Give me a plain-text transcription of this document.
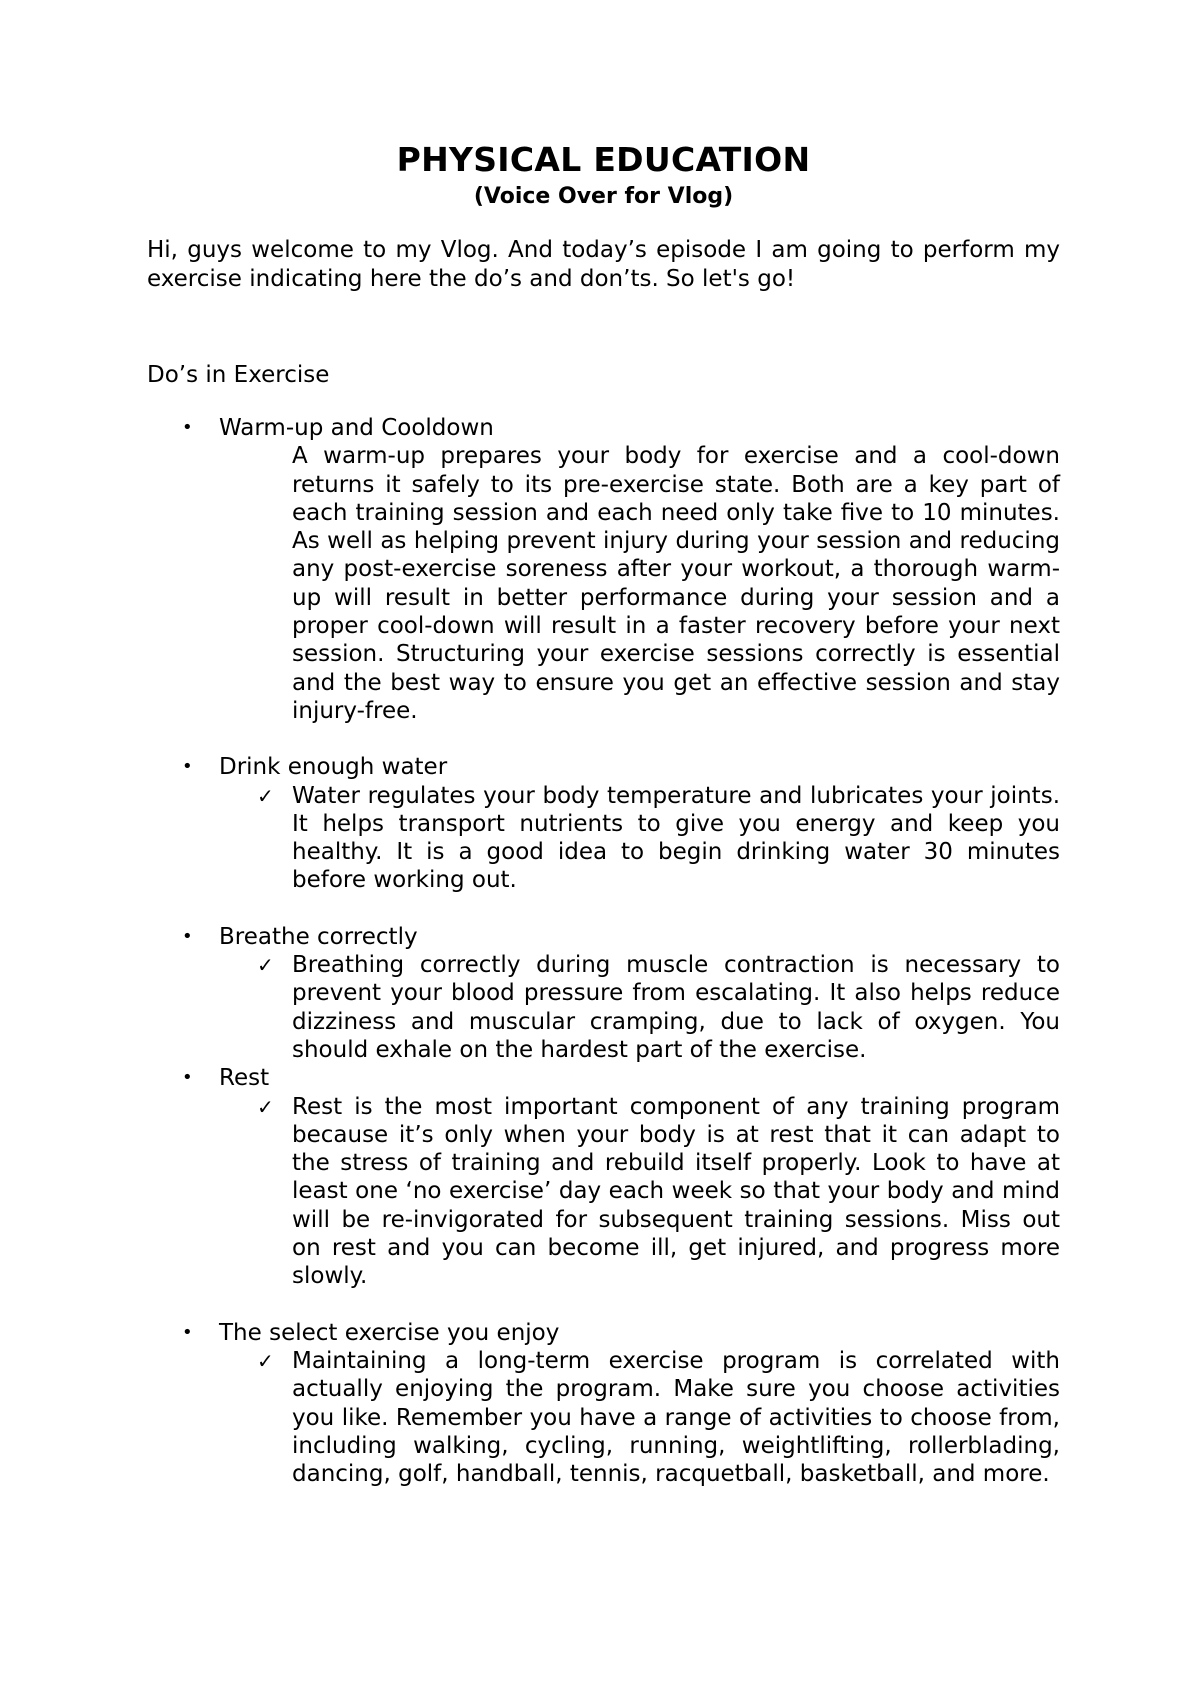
PHYSICAL EDUCATION
(Voice Over for Vlog)

Hi, guys welcome to my Vlog. And today’s episode I am going to perform my exercise indicating here the do’s and don’ts. So let's go!

Do’s in Exercise
• Warm-up and Cooldown
A warm-up prepares your body for exercise and a cool-down returns it safely to its pre-exercise state. Both are a key part of each training session and each need only take five to 10 minutes. As well as helping prevent injury during your session and reducing any post-exercise soreness after your workout, a thorough warm-up will result in better performance during your session and a proper cool-down will result in a faster recovery before your next session. Structuring your exercise sessions correctly is essential and the best way to ensure you get an effective session and stay injury-free.
• Drink enough water
✓ Water regulates your body temperature and lubricates your joints. It helps transport nutrients to give you energy and keep you healthy. It is a good idea to begin drinking water 30 minutes before working out.
• Breathe correctly
✓ Breathing correctly during muscle contraction is necessary to prevent your blood pressure from escalating. It also helps reduce dizziness and muscular cramping, due to lack of oxygen. You should exhale on the hardest part of the exercise.
• Rest
✓ Rest is the most important component of any training program because it’s only when your body is at rest that it can adapt to the stress of training and rebuild itself properly. Look to have at least one ‘no exercise’ day each week so that your body and mind will be re-invigorated for subsequent training sessions. Miss out on rest and you can become ill, get injured, and progress more slowly.
• The select exercise you enjoy
✓ Maintaining a long-term exercise program is correlated with actually enjoying the program. Make sure you choose activities you like. Remember you have a range of activities to choose from, including walking, cycling, running, weightlifting, rollerblading, dancing, golf, handball, tennis, racquetball, basketball, and more.
